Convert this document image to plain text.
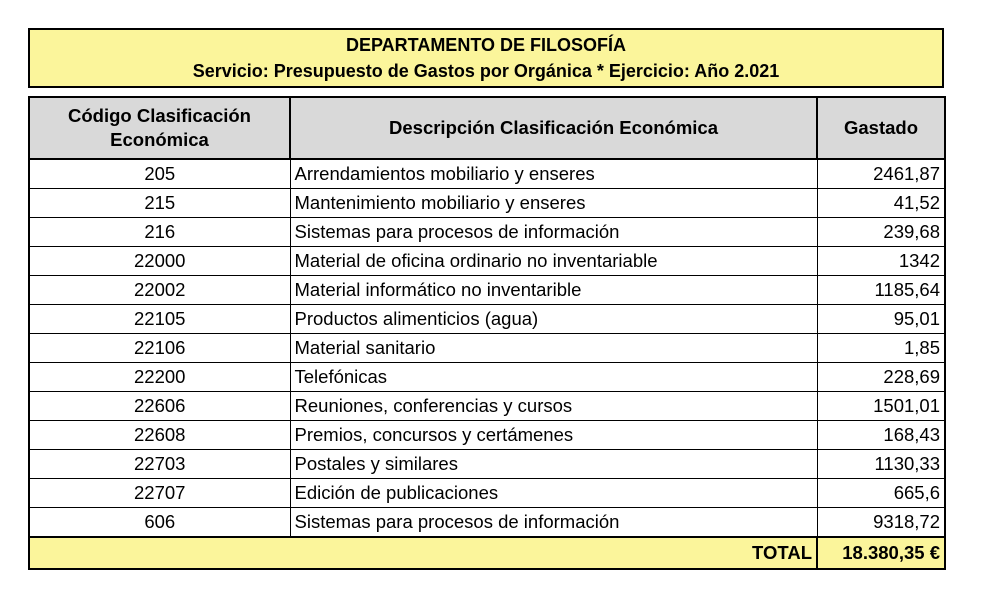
DEPARTAMENTO DE FILOSOFÍA
Servicio: Presupuesto de Gastos por Orgánica * Ejercicio: Año 2.021
Código Clasificación
Económica	Descripción Clasificación Económica	Gastado
205	Arrendamientos mobiliario y enseres	2461,87
215	Mantenimiento mobiliario y enseres	41,52
216	Sistemas para procesos de información	239,68
22000	Material de oficina ordinario no inventariable	1342
22002	Material informático no inventarible	1185,64
22105	Productos alimenticios (agua)	95,01
22106	Material sanitario	1,85
22200	Telefónicas	228,69
22606	Reuniones, conferencias y cursos	1501,01
22608	Premios, concursos y certámenes	168,43
22703	Postales y similares	1130,33
22707	Edición de publicaciones	665,6
606	Sistemas para procesos de información	9318,72
TOTAL		18.380,35 €
